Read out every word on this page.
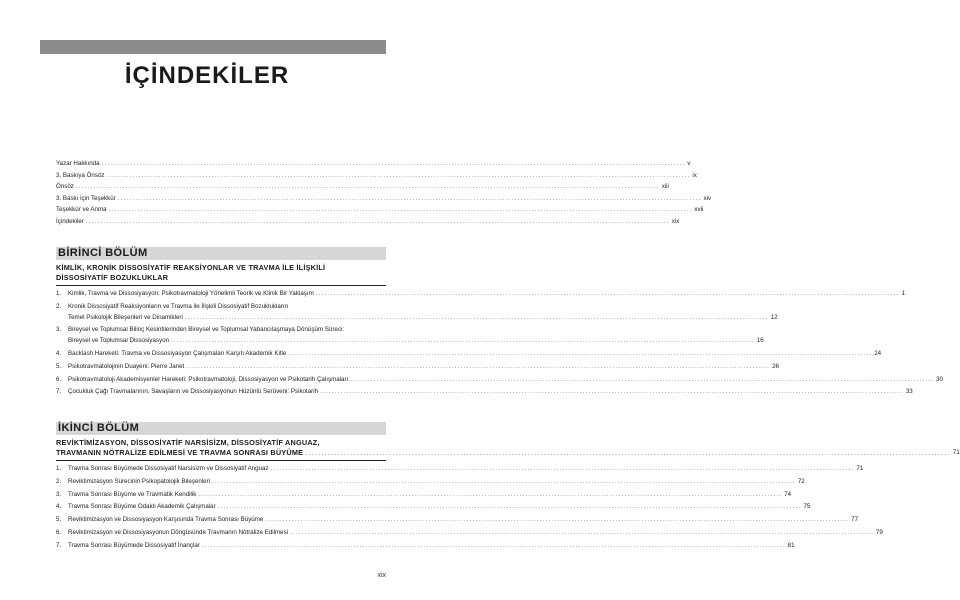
İÇİNDEKİLER
Yazar Hakkında .....	v
3. Baskıya Önsöz .....	ix
Önsöz .....	xiii
3. Baskı için Teşekkür .....	xiv
Teşekkür ve Anma .....	xvii
İçindekiler .....	xix
BİRİNCİ BÖLÜM
KİMLİK, KRONİK DİSSOSİYATİF REAKSİYONLAR VE TRAVMA İLE İLİŞKİLİ
DİSSOSİYATİF BOZUKLUKLAR
1.	Kimlik, Travma ve Dissosiyasyon: Psikotravmatoloji Yönelimli Teorik ve Klinik Bir Yaklaşım .....	1
2.	Kronik Dissosiyatif Reaksiyonların ve Travma ile İlişkili Dissosiyatif Bozuklukların
Temel Psikolojik Bileşenleri ve Dinamikleri .....	12
3.	Bireysel ve Toplumsal Bilinç Kesintilerinden Bireysel ve Toplumsal Yabancılaşmaya Dönüşüm Süreci:
Bireysel ve Toplumsal Dissosiyasyon .....	16
4.	Backlash Hareketi: Travma ve Dissosiyasyon Çalışmaları Karşıtı Akademik Kitle .....	24
5.	Psikotravmatolojinin Duayeni: Pierre Janet .....	26
6.	Psikotravmatoloji Akademisyenler Hareketi: Psikotravmatoloji, Dissosiyasyon ve Psikotarih Çalışmaları .....	30
7.	Çocukluk Çağı Travmalarının, Savaşların ve Dissosiyasyonun Hüzünlü Serüveni: Psikotarih .....	33
İKİNCİ BÖLÜM
REVİKTİMİZASYON, DİSSOSİYATİF NARSİSİZM, DİSSOSİYATİF ANGUAZ,
TRAVMANIN NÖTRALİZE EDİLMESİ VE TRAVMA SONRASI BÜYÜME ........................................................................................................................................................................................................ 71
1.	Travma Sonrası Büyümede Dissosiyatif Narsisizm ve Dissosiyatif Anguaz .....	71
2.	Reviktimizasyon Sürecinin Psikopatolojik Bileşenleri .....	72
3.	Travma Sonrası Büyüme ve Travmatik Kendilik .....	74
4.	Travma Sonrası Büyüme Odaklı Akademik Çalışmalar .....	75
5.	Reviktimizasyon ve Dissosiyasyon Karşısında Travma Sonrası Büyüme .....	77
6.	Reviktimizasyon ve Dissosiyasyonun Döngüsünde Travmanın Nötralize Edilmesi .....	79
7.	Travma Sonrası Büyümede Dissosiyatif İnançlar .....	81
xix
